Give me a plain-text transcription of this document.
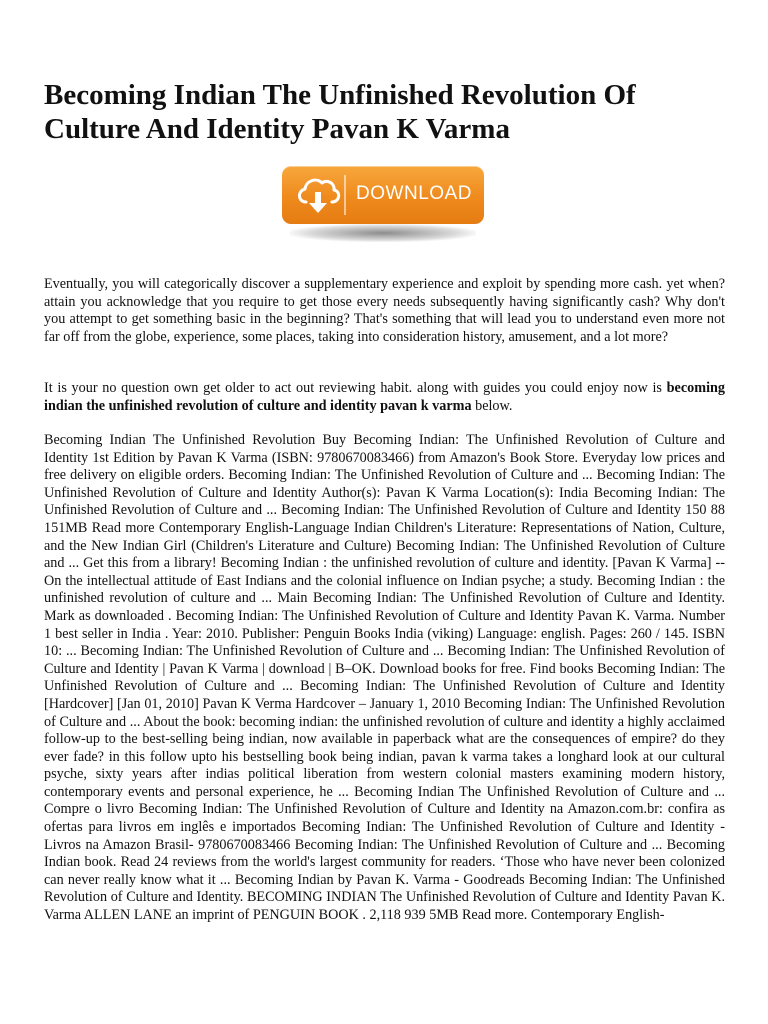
Becoming Indian The Unfinished Revolution Of Culture And Identity Pavan K Varma
DOWNLOAD

Eventually, you will categorically discover a supplementary experience and exploit by spending more cash. yet when? attain you acknowledge that you require to get those every needs subsequently having significantly cash? Why don't you attempt to get something basic in the beginning? That's something that will lead you to understand even more not far off from the globe, experience, some places, taking into consideration history, amusement, and a lot more?

It is your no question own get older to act out reviewing habit. along with guides you could enjoy now is becoming indian the unfinished revolution of culture and identity pavan k varma below.

Becoming Indian The Unfinished Revolution Buy Becoming Indian: The Unfinished Revolution of Culture and Identity 1st Edition by Pavan K Varma (ISBN: 9780670083466) from Amazon's Book Store. Everyday low prices and free delivery on eligible orders. Becoming Indian: The Unfinished Revolution of Culture and ... Becoming Indian: The Unfinished Revolution of Culture and Identity Author(s): Pavan K Varma Location(s): India Becoming Indian: The Unfinished Revolution of Culture and ... Becoming Indian: The Unfinished Revolution of Culture and Identity 150 88 151MB Read more Contemporary English-Language Indian Children's Literature: Representations of Nation, Culture, and the New Indian Girl (Children's Literature and Culture) Becoming Indian: The Unfinished Revolution of Culture and ... Get this from a library! Becoming Indian : the unfinished revolution of culture and identity. [Pavan K Varma] -- On the intellectual attitude of East Indians and the colonial influence on Indian psyche; a study. Becoming Indian : the unfinished revolution of culture and ... Main Becoming Indian: The Unfinished Revolution of Culture and Identity. Mark as downloaded . Becoming Indian: The Unfinished Revolution of Culture and Identity Pavan K. Varma. Number 1 best seller in India . Year: 2010. Publisher: Penguin Books India (viking) Language: english. Pages: 260 / 145. ISBN 10: ... Becoming Indian: The Unfinished Revolution of Culture and ... Becoming Indian: The Unfinished Revolution of Culture and Identity | Pavan K Varma | download | B–OK. Download books for free. Find books Becoming Indian: The Unfinished Revolution of Culture and ... Becoming Indian: The Unfinished Revolution of Culture and Identity [Hardcover] [Jan 01, 2010] Pavan K Verma Hardcover – January 1, 2010 Becoming Indian: The Unfinished Revolution of Culture and ... About the book: becoming indian: the unfinished revolution of culture and identity a highly acclaimed follow-up to the best-selling being indian, now available in paperback what are the consequences of empire? do they ever fade? in this follow upto his bestselling book being indian, pavan k varma takes a longhard look at our cultural psyche, sixty years after indias political liberation from western colonial masters examining modern history, contemporary events and personal experience, he ... Becoming Indian The Unfinished Revolution of Culture and ... Compre o livro Becoming Indian: The Unfinished Revolution of Culture and Identity na Amazon.com.br: confira as ofertas para livros em inglês e importados Becoming Indian: The Unfinished Revolution of Culture and Identity - Livros na Amazon Brasil- 9780670083466 Becoming Indian: The Unfinished Revolution of Culture and ... Becoming Indian book. Read 24 reviews from the world's largest community for readers. ‘Those who have never been colonized can never really know what it ... Becoming Indian by Pavan K. Varma - Goodreads Becoming Indian: The Unfinished Revolution of Culture and Identity. BECOMING INDIAN The Unfinished Revolution of Culture and Identity Pavan K. Varma ALLEN LANE an imprint of PENGUIN BOOK . 2,118 939 5MB Read more. Contemporary English-
